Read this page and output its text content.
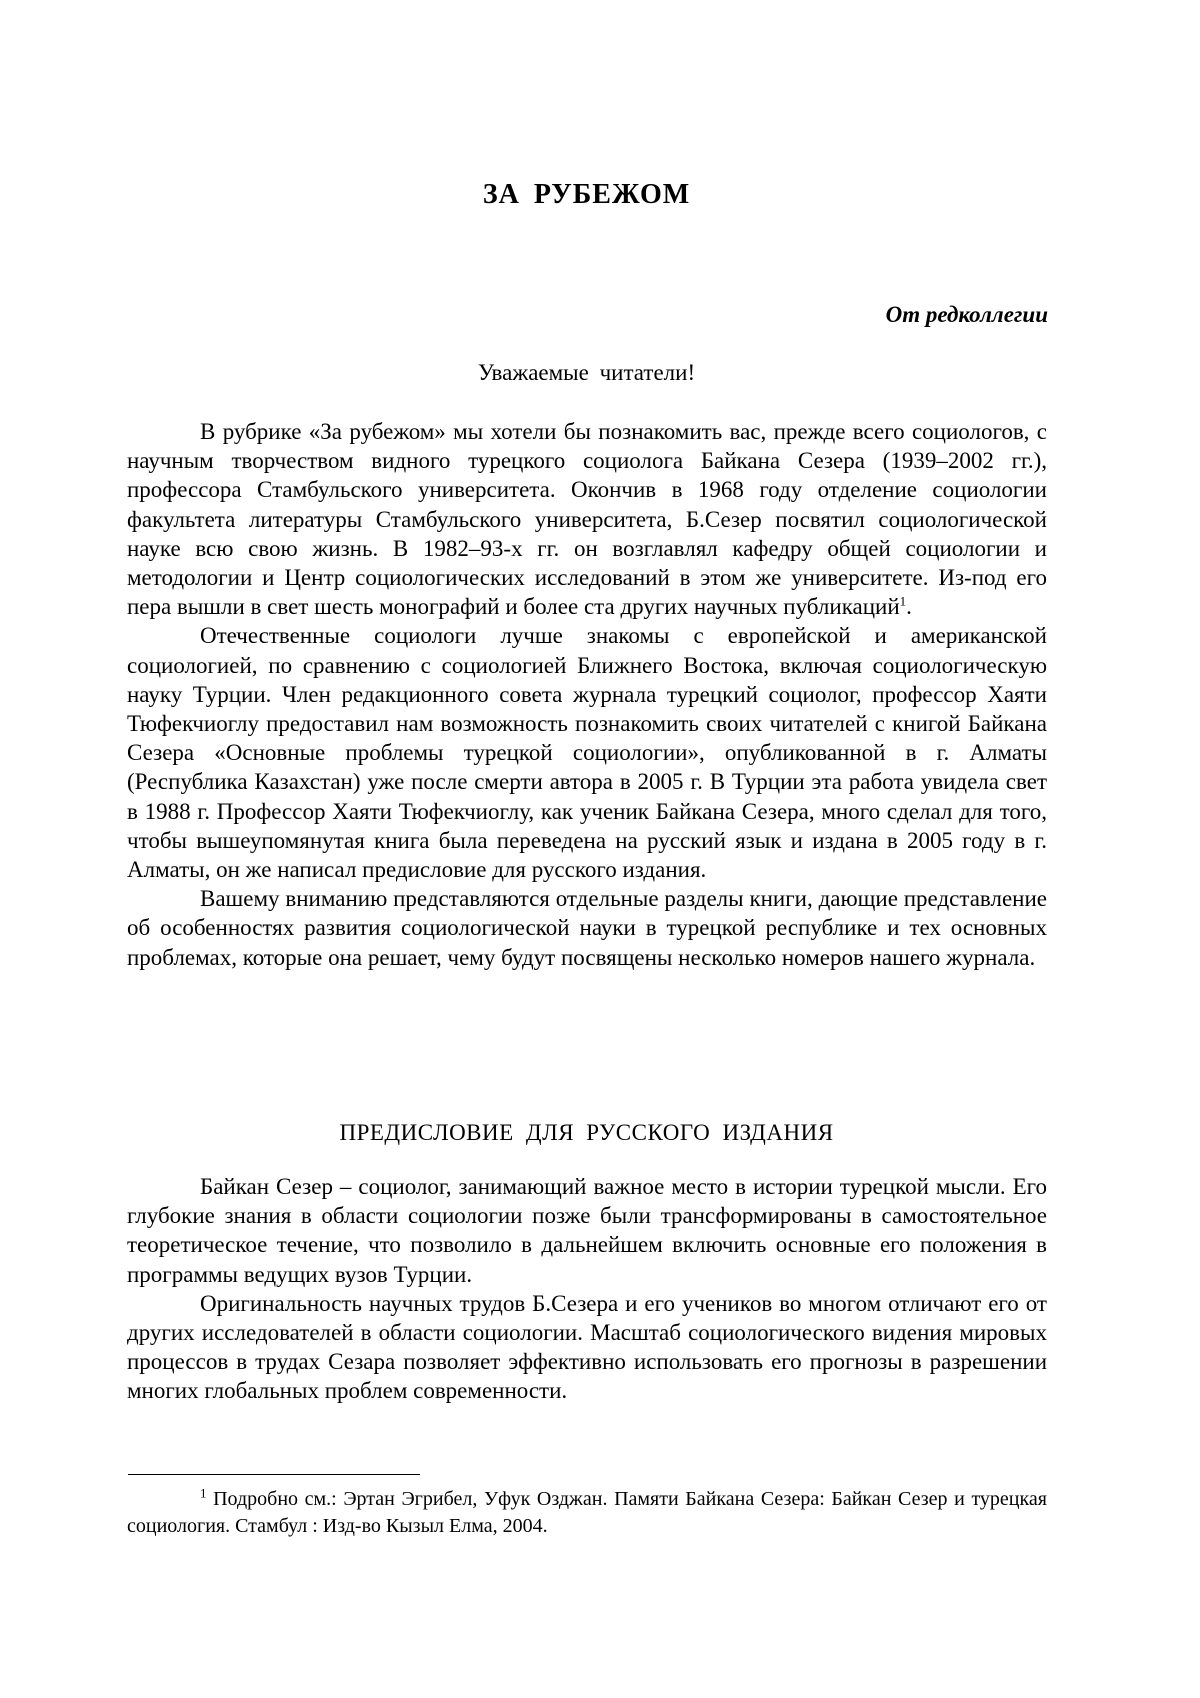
ЗА РУБЕЖОМ
От редколлегии
Уважаемые читатели!

В рубрике «За рубежом» мы хотели бы познакомить вас, прежде всего социологов, с научным творчеством видного турецкого социолога Байкана Сезера (1939–2002 гг.), профессора Стамбульского университета. Окончив в 1968 году отделение социологии факультета литературы Стамбульского университета, Б.Сезер посвятил социологической науке всю свою жизнь. В 1982–93-х гг. он возглавлял кафедру общей социологии и методологии и Центр социологических исследований в этом же университете. Из-под его пера вышли в свет шесть монографий и более ста других научных публикаций$^1$.

Отечественные социологи лучше знакомы с европейской и американской социологией, по сравнению с социологией Ближнего Востока, включая социологическую науку Турции. Член редакционного совета журнала турецкий социолог, профессор Хаяти Тюфекчиоглу предоставил нам возможность познакомить своих читателей с книгой Байкана Сезера «Основные проблемы турецкой социологии», опубликованной в г. Алматы (Республика Казахстан) уже после смерти автора в 2005 г. В Турции эта работа увидела свет в 1988 г. Профессор Хаяти Тюфекчиоглу, как ученик Байкана Сезера, много сделал для того, чтобы вышеупомянутая книга была переведена на русский язык и издана в 2005 году в г. Алматы, он же написал предисловие для русского издания.

Вашему вниманию представляются отдельные разделы книги, дающие представление об особенностях развития социологической науки в турецкой республике и тех основных проблемах, которые она решает, чему будут посвящены несколько номеров нашего журнала.

ПРЕДИСЛОВИЕ ДЛЯ РУССКОГО ИЗДАНИЯ

Байкан Сезер – социолог, занимающий важное место в истории турецкой мысли. Его глубокие знания в области социологии позже были трансформированы в самостоятельное теоретическое течение, что позволило в дальнейшем включить основные его положения в программы ведущих вузов Турции.

Оригинальность научных трудов Б.Сезера и его учеников во многом отличают его от других исследователей в области социологии. Масштаб социологического видения мировых процессов в трудах Сезара позволяет эффективно использовать его прогнозы в разрешении многих глобальных проблем современности.

$^1$ Подробно см.: Эртан Эгрибел, Уфук Озджан. Памяти Байкана Сезера: Байкан Сезер и турецкая социология. Стамбул : Изд-во Кызыл Елма, 2004.
